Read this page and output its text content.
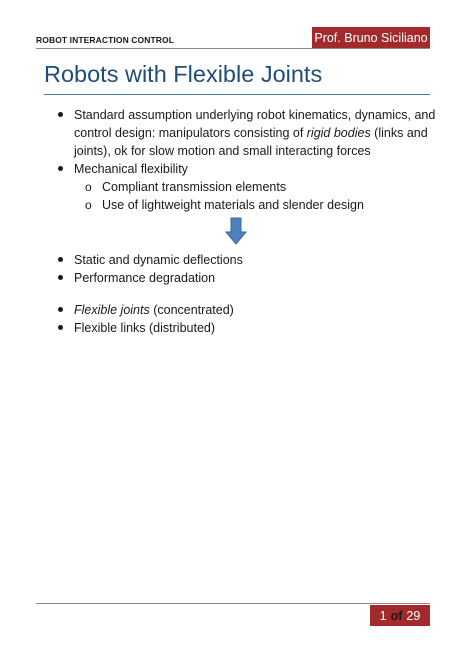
ROBOT INTERACTION CONTROL	Prof. Bruno Siciliano
Robots with Flexible Joints
Standard assumption underlying robot kinematics, dynamics, and control design: manipulators consisting of rigid bodies (links and joints), ok for slow motion and small interacting forces
Mechanical flexibility
o Compliant transmission elements
o Use of lightweight materials and slender design
Static and dynamic deflections
Performance degradation
Flexible joints (concentrated)
Flexible links (distributed)
1 of 29
